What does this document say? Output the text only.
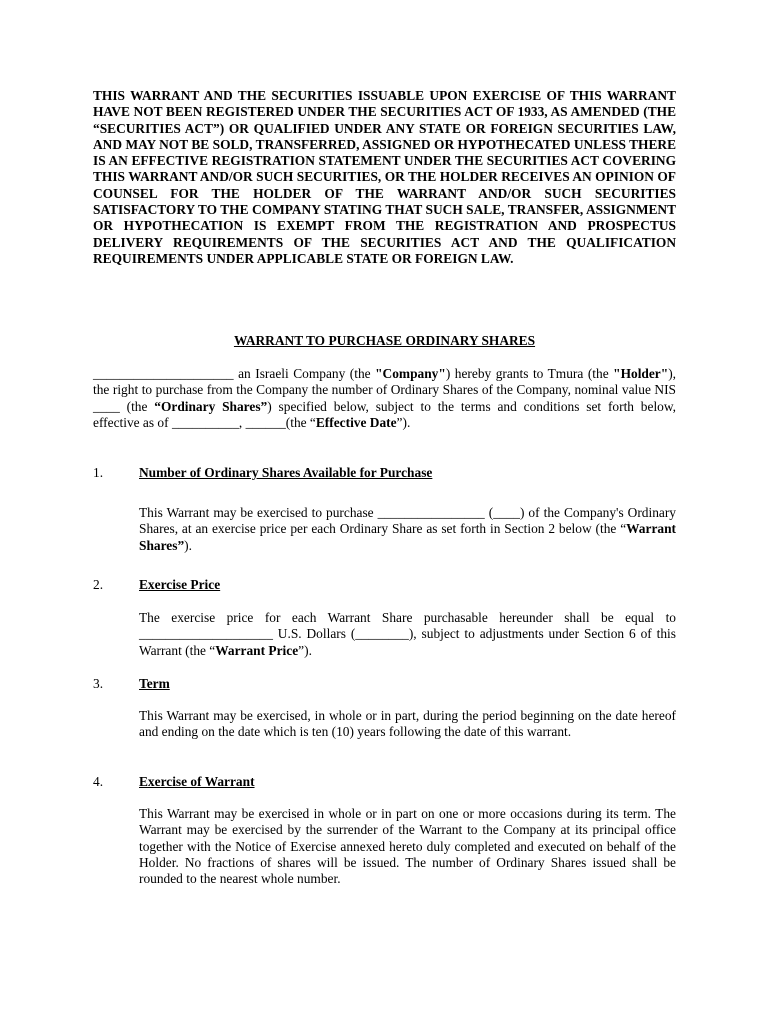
THIS WARRANT AND THE SECURITIES ISSUABLE UPON EXERCISE OF THIS WARRANT HAVE NOT BEEN REGISTERED UNDER THE SECURITIES ACT OF 1933, AS AMENDED (THE “SECURITIES ACT”) OR QUALIFIED UNDER ANY STATE OR FOREIGN SECURITIES LAW, AND MAY NOT BE SOLD, TRANSFERRED, ASSIGNED OR HYPOTHECATED UNLESS THERE IS AN EFFECTIVE REGISTRATION STATEMENT UNDER THE SECURITIES ACT COVERING THIS WARRANT AND/OR SUCH SECURITIES, OR THE HOLDER RECEIVES AN OPINION OF COUNSEL FOR THE HOLDER OF THE WARRANT AND/OR SUCH SECURITIES SATISFACTORY TO THE COMPANY STATING THAT SUCH SALE, TRANSFER, ASSIGNMENT OR HYPOTHECATION IS EXEMPT FROM THE REGISTRATION AND PROSPECTUS DELIVERY REQUIREMENTS OF THE SECURITIES ACT AND THE QUALIFICATION REQUIREMENTS UNDER APPLICABLE STATE OR FOREIGN LAW.

WARRANT TO PURCHASE ORDINARY SHARES

_____________________ an Israeli Company (the "Company") hereby grants to Tmura (the "Holder"), the right to purchase from the Company the number of Ordinary Shares of the Company, nominal value NIS ____ (the “Ordinary Shares”) specified below, subject to the terms and conditions set forth below, effective as of __________, ______(the “Effective Date”).

1.	Number of Ordinary Shares Available for Purchase

This Warrant may be exercised to purchase ________________ (____) of the Company's Ordinary Shares, at an exercise price per each Ordinary Share as set forth in Section 2 below (the “Warrant Shares”).

2.	Exercise Price

The exercise price for each Warrant Share purchasable hereunder shall be equal to ____________________ U.S. Dollars (________), subject to adjustments under Section 6 of this Warrant (the “Warrant Price”).

3.	Term

This Warrant may be exercised, in whole or in part, during the period beginning on the date hereof and ending on the date which is ten (10) years following the date of this warrant.

4.	Exercise of Warrant

This Warrant may be exercised in whole or in part on one or more occasions during its term. The Warrant may be exercised by the surrender of the Warrant to the Company at its principal office together with the Notice of Exercise annexed hereto duly completed and executed on behalf of the Holder. No fractions of shares will be issued. The number of Ordinary Shares issued shall be rounded to the nearest whole number.
